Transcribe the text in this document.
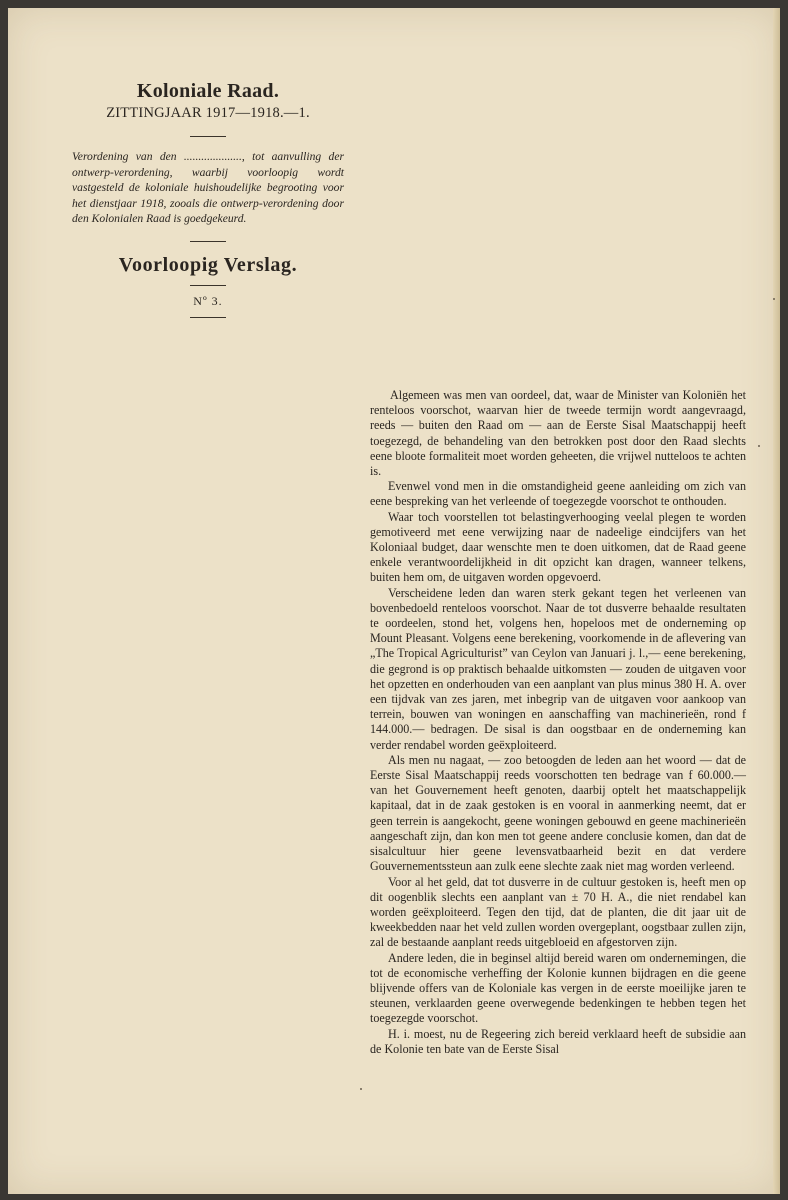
Koloniale Raad.
ZITTINGJAAR 1917—1918.—1.

Verordening van den ...................., tot aanvulling der ontwerp-verordening, waarbij voorloopig wordt vastgesteld de koloniale huishoudelijke begrooting voor het dienstjaar 1918, zooals die ontwerp-verordening door den Kolonialen Raad is goedgekeurd.

Voorloopig Verslag.
Nº 3.

Algemeen was men van oordeel, dat, waar de Minister van Koloniën het renteloos voorschot, waarvan hier de tweede termijn wordt aangevraagd, reeds — buiten den Raad om — aan de Eerste Sisal Maatschappij heeft toegezegd, de behandeling van den betrokken post door den Raad slechts eene bloote formaliteit moet worden geheeten, die vrijwel nutteloos te achten is.

Evenwel vond men in die omstandigheid geene aanleiding om zich van eene bespreking van het verleende of toegezegde voorschot te onthouden.

Waar toch voorstellen tot belastingverhooging veelal plegen te worden gemotiveerd met eene verwijzing naar de nadeelige eindcijfers van het Koloniaal budget, daar wenschte men te doen uitkomen, dat de Raad geene enkele verantwoordelijkheid in dit opzicht kan dragen, wanneer telkens, buiten hem om, de uitgaven worden opgevoerd.

Verscheidene leden dan waren sterk gekant tegen het verleenen van bovenbedoeld renteloos voorschot. Naar de tot dusverre behaalde resultaten te oordeelen, stond het, volgens hen, hopeloos met de onderneming op Mount Pleasant. Volgens eene berekening, voorkomende in de aflevering van „The Tropical Agriculturist” van Ceylon van Januari j. l.,— eene berekening, die gegrond is op praktisch behaalde uitkomsten — zouden de uitgaven voor het opzetten en onderhouden van een aanplant van plus minus 380 H. A. over een tijdvak van zes jaren, met inbegrip van de uitgaven voor aankoop van terrein, bouwen van woningen en aanschaffing van machinerieën, rond f 144.000.— bedragen. De sisal is dan oogstbaar en de onderneming kan verder rendabel worden geëxploiteerd.

Als men nu nagaat, — zoo betoogden de leden aan het woord — dat de Eerste Sisal Maatschappij reeds voorschotten ten bedrage van f 60.000.— van het Gouvernement heeft genoten, daarbij optelt het maatschappelijk kapitaal, dat in de zaak gestoken is en vooral in aanmerking neemt, dat er geen terrein is aangekocht, geene woningen gebouwd en geene machinerieën aangeschaft zijn, dan kon men tot geene andere conclusie komen, dan dat de sisalcultuur hier geene levensvatbaarheid bezit en dat verdere Gouvernementssteun aan zulk eene slechte zaak niet mag worden verleend.

Voor al het geld, dat tot dusverre in de cultuur gestoken is, heeft men op dit oogenblik slechts een aanplant van ± 70 H. A., die niet rendabel kan worden geëxploiteerd. Tegen den tijd, dat de planten, die dit jaar uit de kweekbedden naar het veld zullen worden overgeplant, oogstbaar zullen zijn, zal de bestaande aanplant reeds uitgebloeid en afgestorven zijn.

Andere leden, die in beginsel altijd bereid waren om ondernemingen, die tot de economische verheffing der Kolonie kunnen bijdragen en die geene blijvende offers van de Koloniale kas vergen in de eerste moeilijke jaren te steunen, verklaarden geene overwegende bedenkingen te hebben tegen het toegezegde voorschot.

H. i. moest, nu de Regeering zich bereid verklaard heeft de subsidie aan de Kolonie ten bate van de Eerste Sisal
